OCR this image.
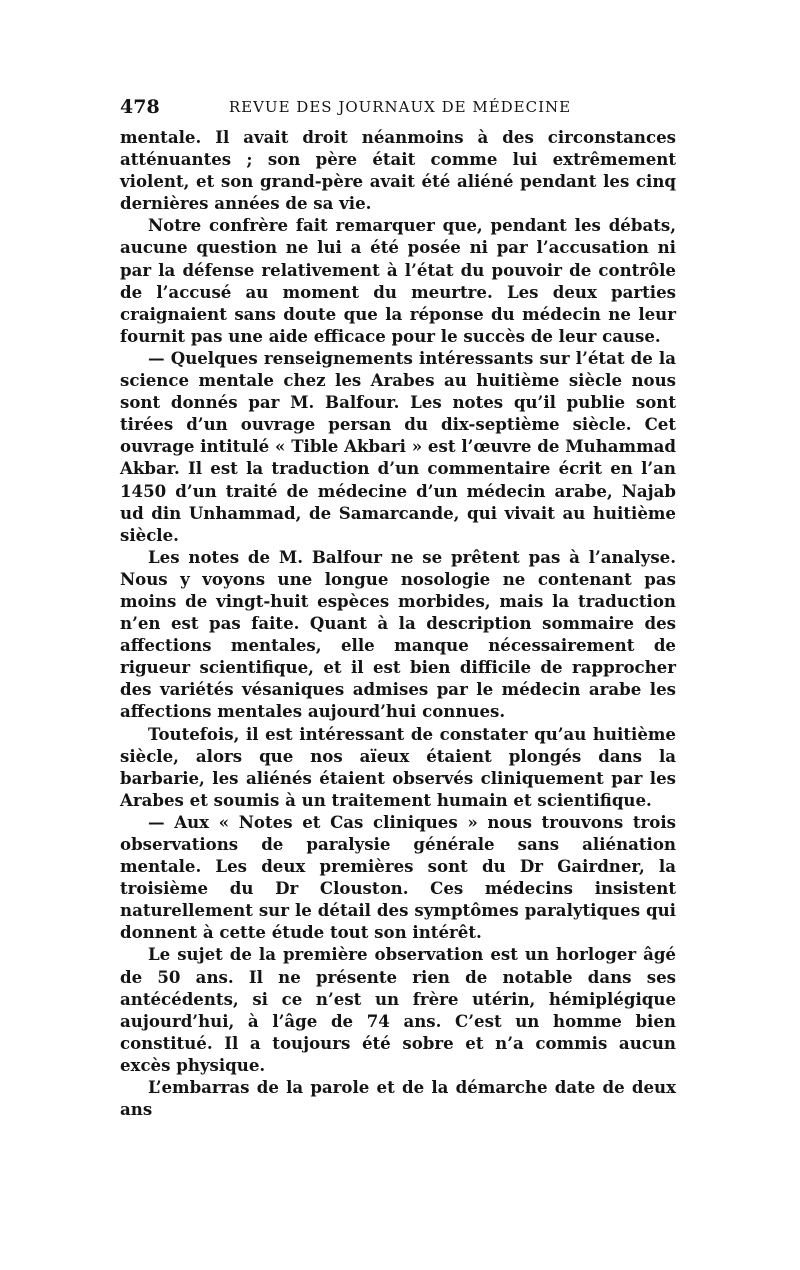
478	REVUE DES JOURNAUX DE MÉDECINE

mentale. Il avait droit néanmoins à des circonstances atténuantes ; son père était comme lui extrêmement violent, et son grand-père avait été aliéné pendant les cinq dernières années de sa vie.

Notre confrère fait remarquer que, pendant les débats, aucune question ne lui a été posée ni par l’accusation ni par la défense relativement à l’état du pouvoir de contrôle de l’accusé au moment du meurtre. Les deux parties craignaient sans doute que la réponse du médecin ne leur fournit pas une aide efficace pour le succès de leur cause.

— Quelques renseignements intéressants sur l’état de la science mentale chez les Arabes au huitième siècle nous sont donnés par M. Balfour. Les notes qu’il publie sont tirées d’un ouvrage persan du dix-septième siècle. Cet ouvrage intitulé « Tible Akbari » est l’œuvre de Muhammad Akbar. Il est la traduction d’un commentaire écrit en l’an 1450 d’un traité de médecine d’un médecin arabe, Najab ud din Unhammad, de Samarcande, qui vivait au huitième siècle.

Les notes de M. Balfour ne se prêtent pas à l’analyse. Nous y voyons une longue nosologie ne contenant pas moins de vingt-huit espèces morbides, mais la traduction n’en est pas faite. Quant à la description sommaire des affections mentales, elle manque nécessairement de rigueur scientifique, et il est bien difficile de rapprocher des variétés vésaniques admises par le médecin arabe les affections mentales aujourd’hui connues.

Toutefois, il est intéressant de constater qu’au huitième siècle, alors que nos aïeux étaient plongés dans la barbarie, les aliénés étaient observés cliniquement par les Arabes et soumis à un traitement humain et scientifique.

— Aux « Notes et Cas cliniques » nous trouvons trois observations de paralysie générale sans aliénation mentale. Les deux premières sont du Dr Gairdner, la troisième du Dr Clouston. Ces médecins insistent naturellement sur le détail des symptômes paralytiques qui donnent à cette étude tout son intérêt.

Le sujet de la première observation est un horloger âgé de 50 ans. Il ne présente rien de notable dans ses antécédents, si ce n’est un frère utérin, hémiplégique aujourd’hui, à l’âge de 74 ans. C’est un homme bien constitué. Il a toujours été sobre et n’a commis aucun excès physique.

L’embarras de la parole et de la démarche date de deux ans
